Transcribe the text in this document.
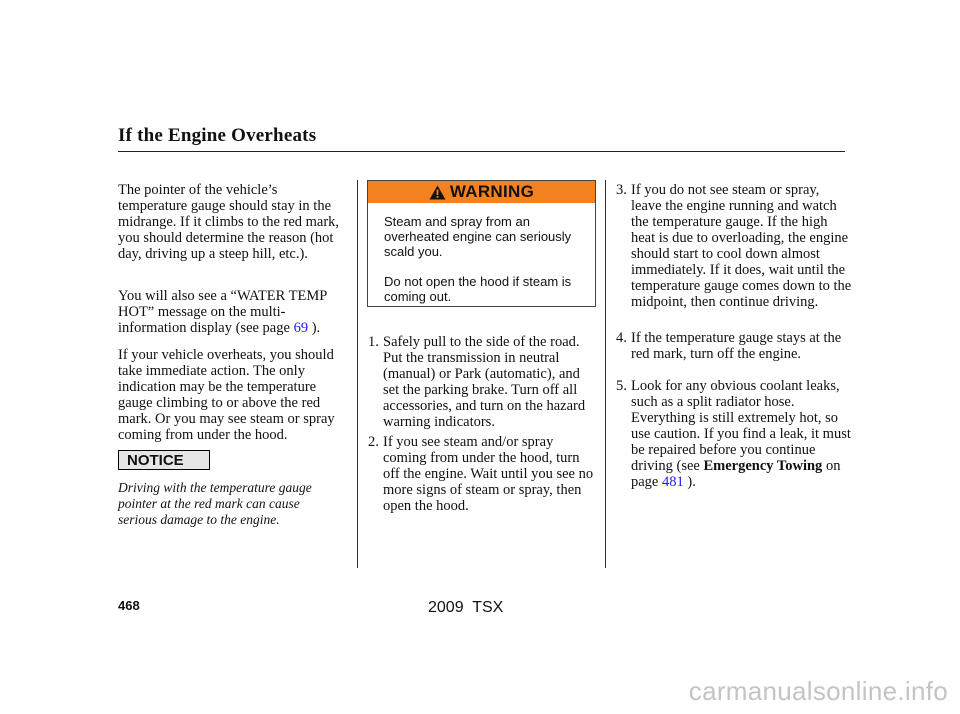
If the Engine Overheats
The pointer of the vehicle’s temperature gauge should stay in the midrange. If it climbs to the red mark, you should determine the reason (hot day, driving up a steep hill, etc.).
You will also see a “WATER TEMP HOT” message on the multi-information display (see page 69 ).
If your vehicle overheats, you should take immediate action. The only indication may be the temperature gauge climbing to or above the red mark. Or you may see steam or spray coming from under the hood.
NOTICE
Driving with the temperature gauge pointer at the red mark can cause serious damage to the engine.
WARNING

Steam and spray from an overheated engine can seriously scald you.

Do not open the hood if steam is coming out.

1. Safely pull to the side of the road. Put the transmission in neutral (manual) or Park (automatic), and set the parking brake. Turn off all accessories, and turn on the hazard warning indicators.
2. If you see steam and/or spray coming from under the hood, turn off the engine. Wait until you see no more signs of steam or spray, then open the hood.
3. If you do not see steam or spray, leave the engine running and watch the temperature gauge. If the high heat is due to overloading, the engine should start to cool down almost immediately. If it does, wait until the temperature gauge comes down to the midpoint, then continue driving.
4. If the temperature gauge stays at the red mark, turn off the engine.
5. Look for any obvious coolant leaks, such as a split radiator hose. Everything is still extremely hot, so use caution. If you find a leak, it must be repaired before you continue driving (see Emergency Towing on page 481 ).
468	2009  TSX
carmanualsonline.info
